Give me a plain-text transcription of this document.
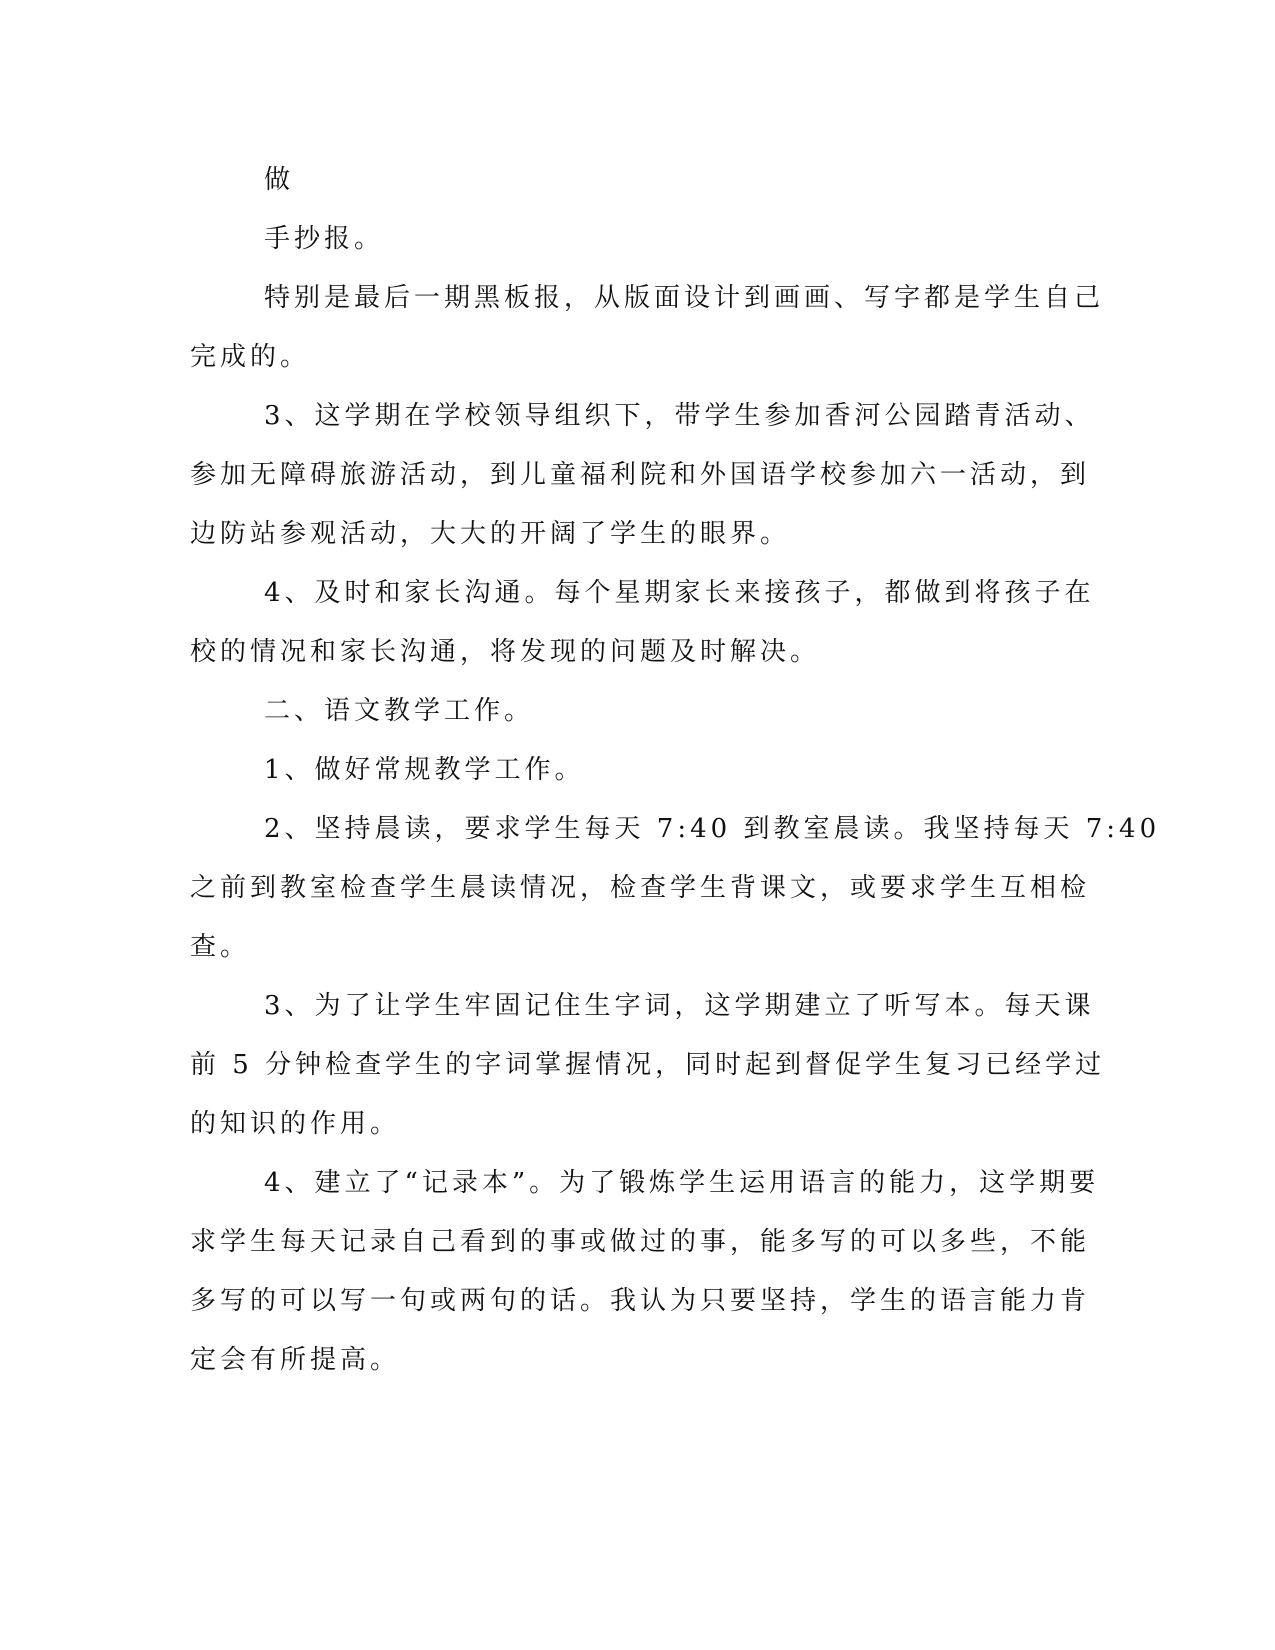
做
手抄报。
特别是最后一期黑板报，从版面设计到画画、写字都是学生自己
完成的。
3、这学期在学校领导组织下，带学生参加香河公园踏青活动、
参加无障碍旅游活动，到儿童福利院和外国语学校参加六一活动，到
边防站参观活动，大大的开阔了学生的眼界。
4、及时和家长沟通。每个星期家长来接孩子，都做到将孩子在
校的情况和家长沟通，将发现的问题及时解决。
二、语文教学工作。
1、做好常规教学工作。
2、坚持晨读，要求学生每天 7:40 到教室晨读。我坚持每天 7:40
之前到教室检查学生晨读情况，检查学生背课文，或要求学生互相检
查。
3、为了让学生牢固记住生字词，这学期建立了听写本。每天课
前 5 分钟检查学生的字词掌握情况，同时起到督促学生复习已经学过
的知识的作用。
4、建立了“记录本”。为了锻炼学生运用语言的能力，这学期要
求学生每天记录自己看到的事或做过的事，能多写的可以多些，不能
多写的可以写一句或两句的话。我认为只要坚持，学生的语言能力肯
定会有所提高。
